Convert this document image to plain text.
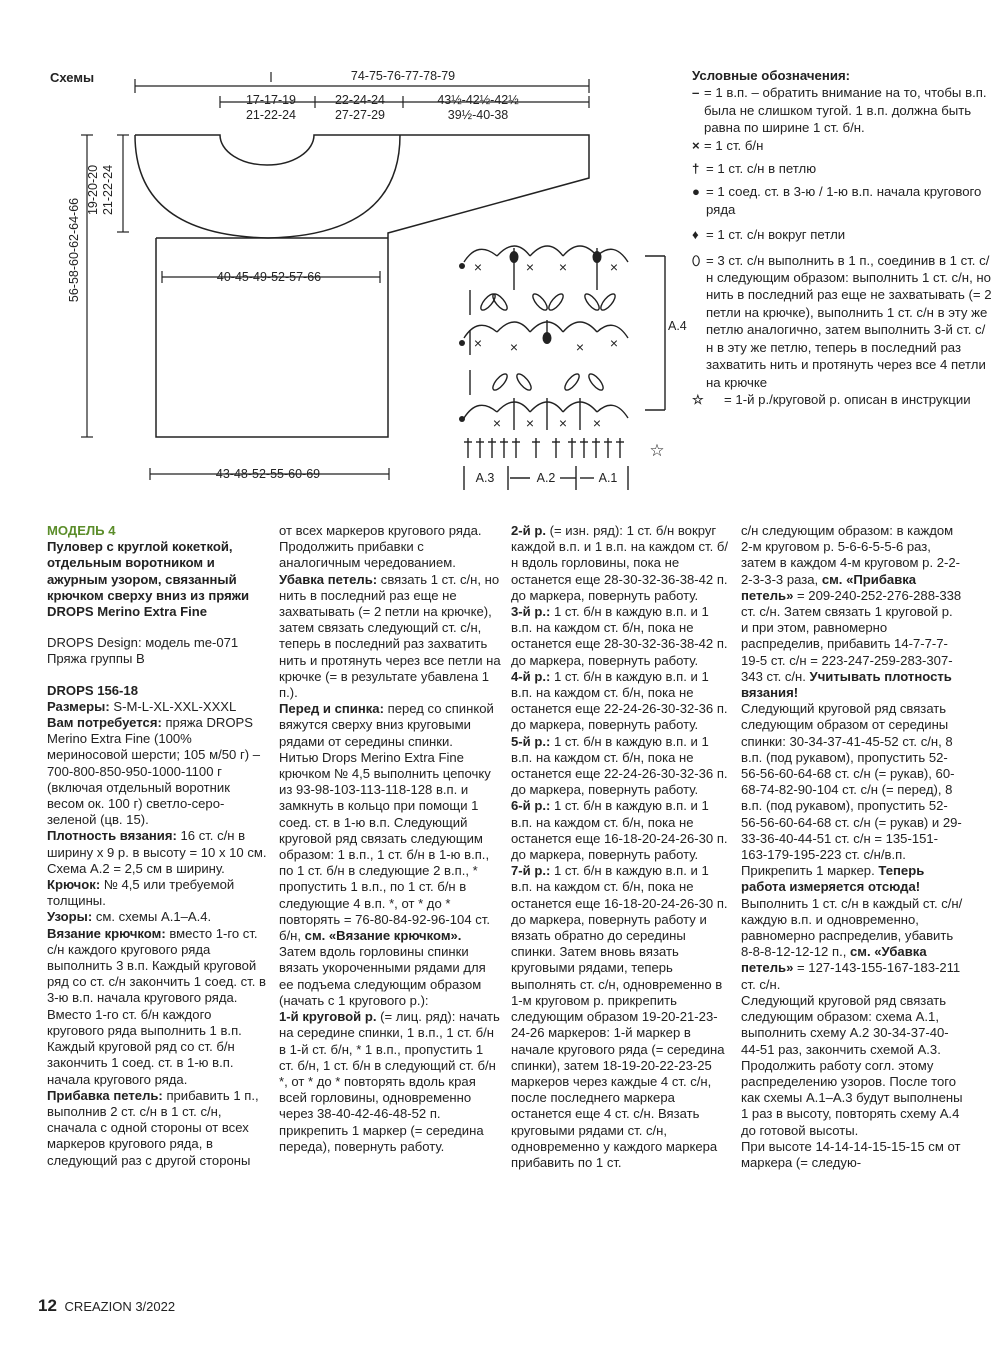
Схемы	74-75-76-77-78-79
17-17-19
21-22-24
22-24-24
27-27-29
43½-42½-42½
39½-40-38
40-45-49-52-57-66
43-48-52-55-60-69
56-58-60-62-64-66
19-20-20 21-22-24
×	× ×	×
× ×	× ×
× × × ×
A.4
A.3	A.2	A.1
☆
Условные обозначения:
– = 1 в.п. – обратить внимание на то, чтобы в.п. была не слишком тугой. 1 в.п. должна быть равна по ширине 1 ст. б/н.
× = 1 ст. б/н
† = 1 ст. с/н в петлю
● = 1 соед. ст. в 3-ю / 1-ю в.п. начала кругового ряда
♦ = 1 ст. с/н вокруг петли
⬯ = 3 ст. с/н выполнить в 1 п., соединив в 1 ст. с/н следующим образом: выполнить 1 ст. с/н, но нить в последний раз еще не захватывать (= 2 петли на крючке), выполнить 1 ст. с/н в эту же петлю аналогично, затем выполнить 3-й ст. с/н в эту же петлю, теперь в последний раз захватить нить и протянуть через все 4 петли на крючке
☆ = 1-й р./круговой р. описан в инструкции

МОДЕЛЬ 4

Пуловер с круглой кокеткой, отдельным воротником и ажурным узором, связанный крючком сверху вниз из пряжи DROPS Merino Extra Fine

DROPS Design: модель me-071

Пряжа группы B

DROPS 156-18

Размеры: S-M-L-XL-XXL-XXXL

Вам потребуется: пряжа DROPS Merino Extra Fine (100% мериносовой шерсти; 105 м/50 г) – 700-800-850-950-1000-1100 г (включая отдельный воротник весом ок. 100 г) светло-серо-зеленой (цв. 15).

Плотность вязания: 16 ст. с/н в ширину x 9 р. в высоту = 10 x 10 см. Схема А.2 = 2,5 см в ширину.

Крючок: № 4,5 или требуемой толщины.

Узоры: см. схемы А.1–А.4.

Вязание крючком: вместо 1-го ст. с/н каждого кругового ряда выполнить 3 в.п. Каждый круговой ряд со ст. с/н закончить 1 соед. ст. в 3-ю в.п. начала кругового ряда. Вместо 1-го ст. б/н каждого кругового ряда выполнить 1 в.п. Каждый круговой ряд со ст. б/н закончить 1 соед. ст. в 1-ю в.п. начала кругового ряда.

Прибавка петель: прибавить 1 п., выполнив 2 ст. с/н в 1 ст. с/н, сначала с одной стороны от всех маркеров кругового ряда, в следующий раз с другой стороны

от всех маркеров кругового ряда. Продолжить прибавки с аналогичным чередованием.

Убавка петель: связать 1 ст. с/н, но нить в последний раз еще не захватывать (= 2 петли на крючке), затем связать следующий ст. с/н, теперь в последний раз захватить нить и протянуть через все петли на крючке (= в результате убавлена 1 п.).

Перед и спинка: перед со спинкой вяжутся сверху вниз круговыми рядами от середины спинки.

Нитью Drops Merino Extra Fine крючком № 4,5 выполнить цепочку из 93-98-103-113-118-128 в.п. и замкнуть в кольцо при помощи 1 соед. ст. в 1-ю в.п. Следующий круговой ряд связать следующим образом: 1 в.п., 1 ст. б/н в 1-ю в.п., по 1 ст. б/н в следующие 2 в.п., * пропустить 1 в.п., по 1 ст. б/н в следующие 4 в.п. *, от * до * повторять = 76-80-84-92-96-104 ст. б/н, см. «Вязание крючком».

Затем вдоль горловины спинки вязать укороченными рядами для ее подъема следующим образом (начать с 1 кругового р.):

1-й круговой р. (= лиц. ряд): начать на середине спинки, 1 в.п., 1 ст. б/н в 1-й ст. б/н, * 1 в.п., пропустить 1 ст. б/н, 1 ст. б/н в следующий ст. б/н *, от * до * повторять вдоль края всей горловины, одновременно через 38-40-42-46-48-52 п. прикрепить 1 маркер (= середина переда), повернуть работу.

2-й р. (= изн. ряд): 1 ст. б/н вокруг каждой в.п. и 1 в.п. на каждом ст. б/н вдоль горловины, пока не останется еще 28-30-32-36-38-42 п. до маркера, повернуть работу.

3-й р.: 1 ст. б/н в каждую в.п. и 1 в.п. на каждом ст. б/н, пока не останется еще 28-30-32-36-38-42 п. до маркера, повернуть работу.

4-й р.: 1 ст. б/н в каждую в.п. и 1 в.п. на каждом ст. б/н, пока не останется еще 22-24-26-30-32-36 п. до маркера, повернуть работу.

5-й р.: 1 ст. б/н в каждую в.п. и 1 в.п. на каждом ст. б/н, пока не останется еще 22-24-26-30-32-36 п. до маркера, повернуть работу.

6-й р.: 1 ст. б/н в каждую в.п. и 1 в.п. на каждом ст. б/н, пока не останется еще 16-18-20-24-26-30 п. до маркера, повернуть работу.

7-й р.: 1 ст. б/н в каждую в.п. и 1 в.п. на каждом ст. б/н, пока не останется еще 16-18-20-24-26-30 п. до маркера, повернуть работу и вязать обратно до середины спинки. Затем вновь вязать круговыми рядами, теперь выполнять ст. с/н, одновременно в 1-м круговом р. прикрепить следующим образом 19-20-21-23-24-26 маркеров: 1-й маркер в начале кругового ряда (= середина спинки), затем 18-19-20-22-23-25 маркеров через каждые 4 ст. с/н, после последнего маркера останется еще 4 ст. с/н. Вязать круговыми рядами ст. с/н, одновременно у каждого маркера прибавить по 1 ст.

с/н следующим образом: в каждом 2-м круговом р. 5-6-6-5-5-6 раз, затем в каждом 4-м круговом р. 2-2-2-3-3-3 раза, см. «Прибавка петель» = 209-240-252-276-288-338 ст. с/н. Затем связать 1 круговой р. и при этом, равномерно распределив, прибавить 14-7-7-7-19-5 ст. с/н = 223-247-259-283-307-343 ст. с/н. Учитывать плотность вязания!

Следующий круговой ряд связать следующим образом от середины спинки: 30-34-37-41-45-52 ст. с/н, 8 в.п. (под рукавом), пропустить 52-56-56-60-64-68 ст. с/н (= рукав), 60-68-74-82-90-104 ст. с/н (= перед), 8 в.п. (под рукавом), пропустить 52-56-56-60-64-68 ст. с/н (= рукав) и 29-33-36-40-44-51 ст. с/н = 135-151-163-179-195-223 ст. с/н/в.п. Прикрепить 1 маркер. Теперь работа измеряется отсюда! Выполнить 1 ст. с/н в каждый ст. с/н/ каждую в.п. и одновременно, равномерно распределив, убавить 8-8-8-12-12-12 п., см. «Убавка петель» = 127-143-155-167-183-211 ст. с/н.

Следующий круговой ряд связать следующим образом: схема А.1, выполнить схему А.2 30-34-37-40-44-51 раз, закончить схемой А.3. Продолжить работу согл. этому распределению узоров. После того как схемы А.1–А.3 будут выполнены 1 раз в высоту, повторять схему А.4 до готовой высоты.

При высоте 14-14-14-15-15-15 см от маркера (= следую-

12 CREAZION 3/2022
